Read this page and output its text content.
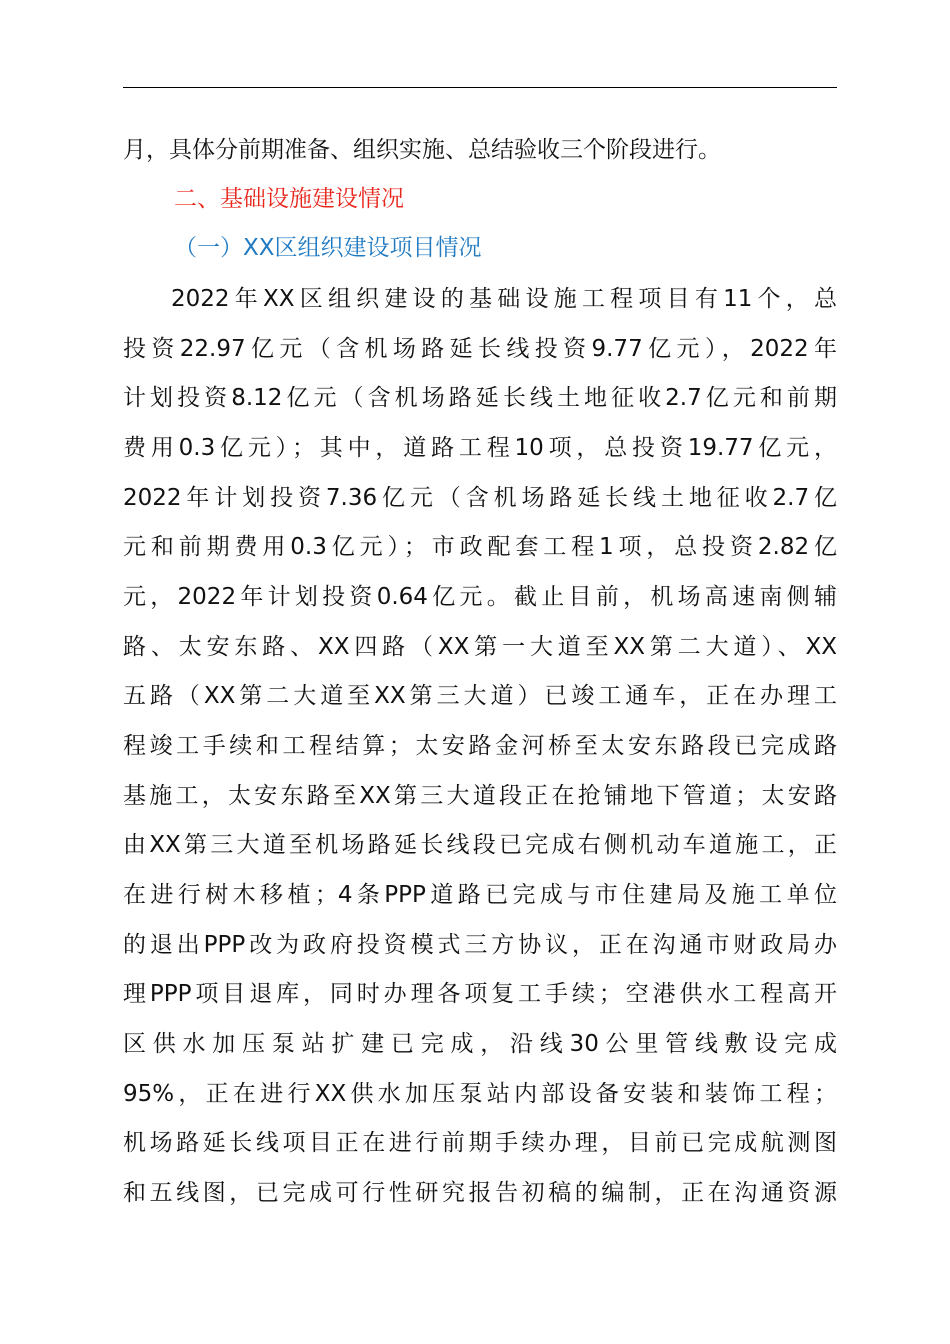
月，具体分前期准备、组织实施、总结验收三个阶段进行。
二、基础设施建设情况
（一）XX区组织建设项目情况
2022年XX区组织建设的基础设施工程项目有11个，总
投资22.97亿元（含机场路延长线投资9.77亿元），2022年
计划投资8.12亿元（含机场路延长线土地征收2.7亿元和前期
费用0.3亿元）；其中，道路工程10项，总投资19.77亿元，
2022年计划投资7.36亿元（含机场路延长线土地征收2.7亿
元和前期费用0.3亿元）；市政配套工程1项，总投资2.82亿
元，2022年计划投资0.64亿元。截止目前，机场高速南侧辅
路、太安东路、XX四路（XX第一大道至XX第二大道）、XX
五路（XX第二大道至XX第三大道）已竣工通车，正在办理工
程竣工手续和工程结算；太安路金河桥至太安东路段已完成路
基施工，太安东路至XX第三大道段正在抢铺地下管道；太安路
由XX第三大道至机场路延长线段已完成右侧机动车道施工，正
在进行树木移植；4条PPP道路已完成与市住建局及施工单位
的退出PPP改为政府投资模式三方协议，正在沟通市财政局办
理PPP项目退库，同时办理各项复工手续；空港供水工程高开
区供水加压泵站扩建已完成，沿线30公里管线敷设完成
95%，正在进行XX供水加压泵站内部设备安装和装饰工程；
机场路延长线项目正在进行前期手续办理，目前已完成航测图
和五线图，已完成可行性研究报告初稿的编制，正在沟通资源
